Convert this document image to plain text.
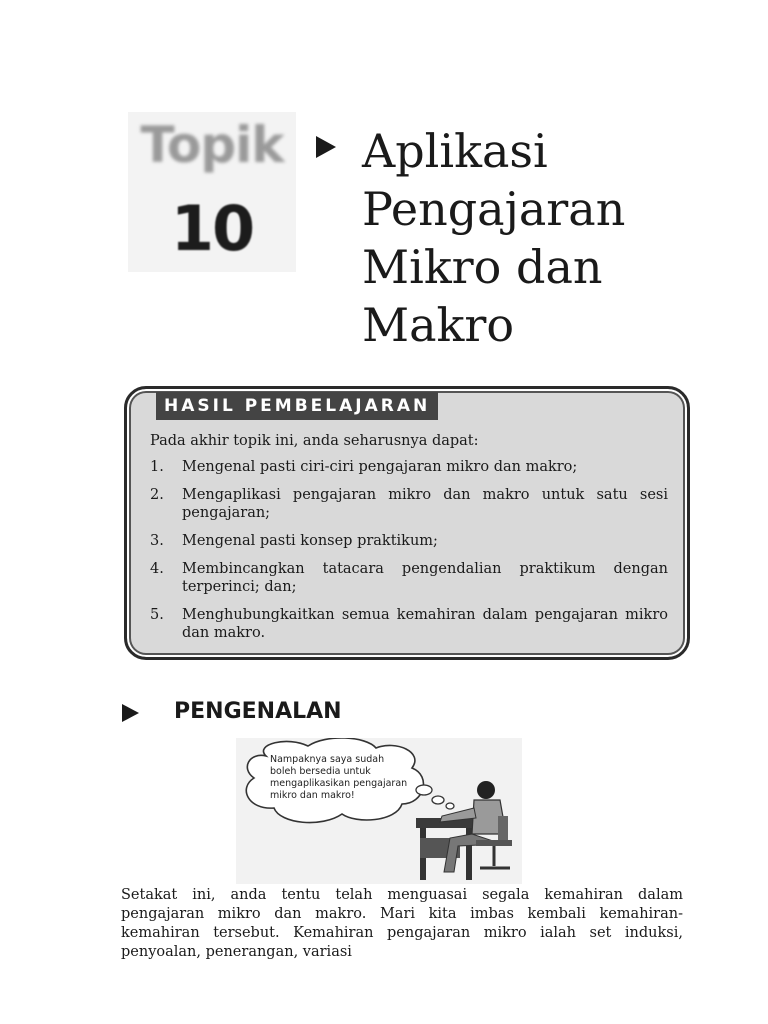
Topik
10
Aplikasi
Pengajaran
Mikro dan
Makro
HASIL PEMBELAJARAN
Pada akhir topik ini, anda seharusnya dapat:
1. Mengenal pasti ciri-ciri pengajaran mikro dan makro;
2. Mengaplikasi pengajaran mikro dan makro untuk satu sesi pengajaran;
3. Mengenal pasti konsep praktikum;
4. Membincangkan tatacara pengendalian praktikum dengan terperinci; dan;
5. Menghubungkaitkan semua kemahiran dalam pengajaran mikro dan makro.
PENGENALAN
Nampaknya saya sudah boleh bersedia untuk mengaplikasikan pengajaran mikro dan makro!
Setakat ini, anda tentu telah menguasai segala kemahiran dalam pengajaran mikro dan makro. Mari kita imbas kembali kemahiran-kemahiran tersebut. Kemahiran pengajaran mikro ialah set induksi, penyoalan, penerangan, variasi
